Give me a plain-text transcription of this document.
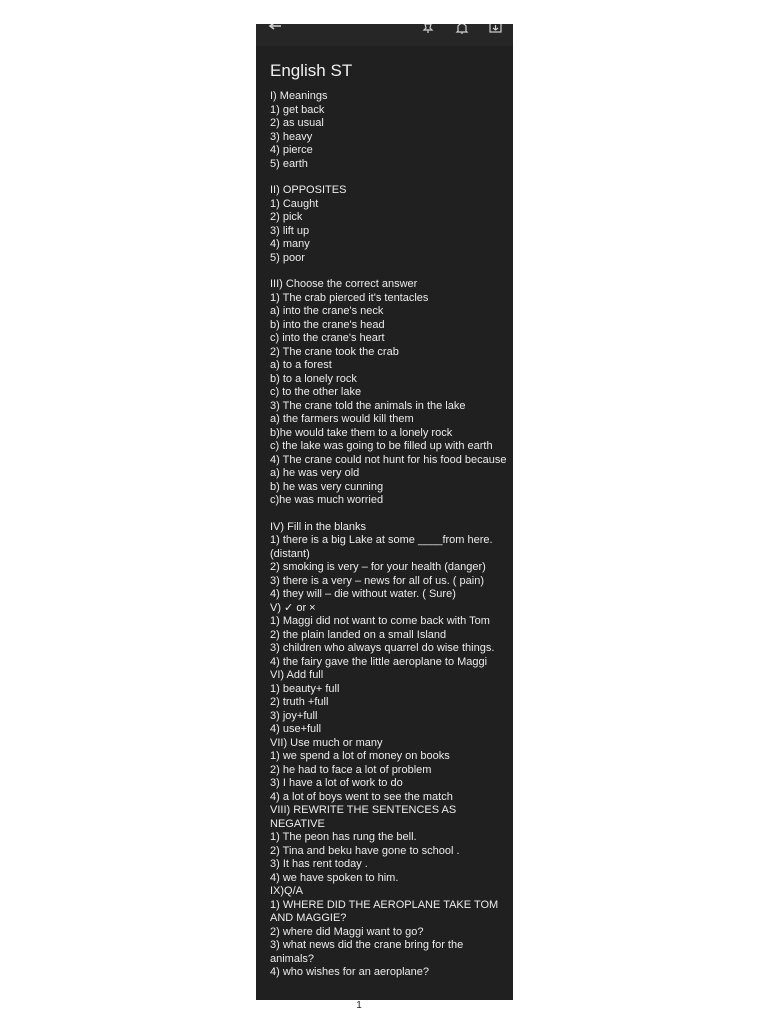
English ST
I) Meanings
1) get back
2) as usual
3) heavy
4) pierce
5) earth
II) OPPOSITES
1) Caught
2) pick
3) lift up
4) many
5) poor
III) Choose the correct answer
1) The crab pierced it's tentacles
a) into the crane's neck
b) into the crane's head
c) into the crane's heart
2) The crane took the crab
a) to a forest
b) to a lonely rock
c) to the other lake
3) The crane told the animals in the lake
a) the farmers would kill them
b)he would take them to a lonely rock
c) the lake was going to be filled up with earth
4) The crane could not hunt for his food because
a) he was very old
b) he was very cunning
c)he was much worried
IV) Fill in the blanks
1) there is a big Lake at some ____from here. (distant)
2) smoking is very – for your health (danger)
3) there is a very – news for all of us. ( pain)
4) they will – die without water. ( Sure)
V) ✓ or ×
1) Maggi did not want to come back with Tom
2) the plain landed on a small Island
3) children who always quarrel do wise things.
4) the fairy gave the little aeroplane to Maggi
VI) Add full
1) beauty+ full
2) truth +full
3) joy+full
4) use+full
VII) Use much or many
1) we spend a lot of money on books
2) he had to face a lot of problem
3) I have a lot of work to do
4) a lot of boys went to see the match
VIII) REWRITE THE SENTENCES AS NEGATIVE
1) The peon has rung the bell.
2) Tina and beku have gone to school .
3) It has rent today .
4) we have spoken to him.
IX)Q/A
1) WHERE DID THE AEROPLANE TAKE TOM AND MAGGIE?
2) where did Maggi want to go?
3) what news did the crane bring for the animals?
4) who wishes for an aeroplane?
1
